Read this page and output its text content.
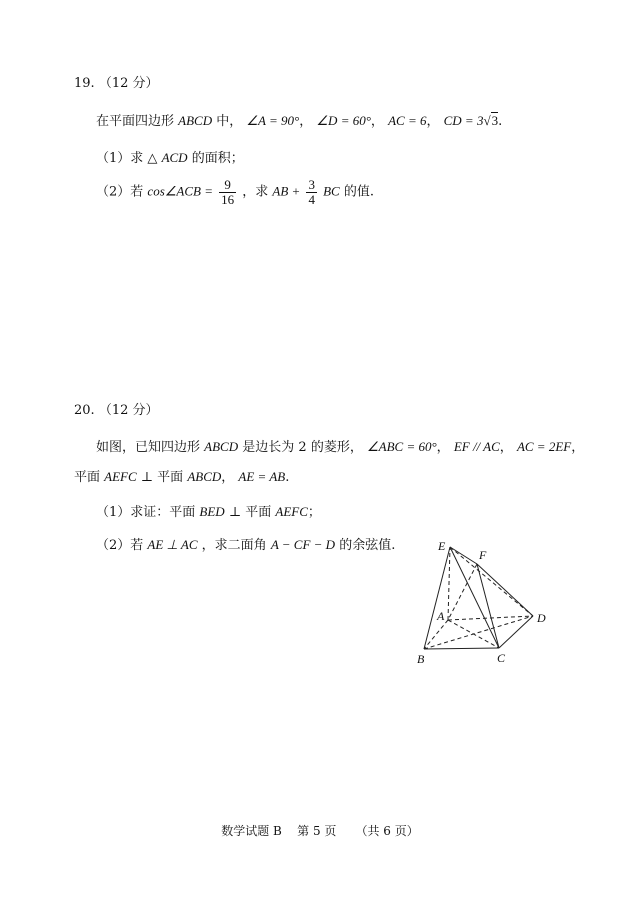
19. （12 分）
在平面四边形 ABCD 中， ∠A = 90°， ∠D = 60°， AC = 6， CD = 3√3.
（1）求 △ ACD 的面积；
（2）若 cos∠ACB = $\frac{9}{16}$ ，求 AB + $\frac{3}{4}$ BC 的值.
20. （12 分）
如图，已知四边形 ABCD 是边长为 2 的菱形， ∠ABC = 60°， EF // AC， AC = 2EF，
平面 AEFC ⊥ 平面 ABCD， AE = AB.
（1）求证：平面 BED ⊥ 平面 AEFC；
（2）若 AE ⊥ AC ，求二面角 A − CF − D 的余弦值.	E
F
A	D
B	C
数学试题 B 第 5 页 （共 6 页）
